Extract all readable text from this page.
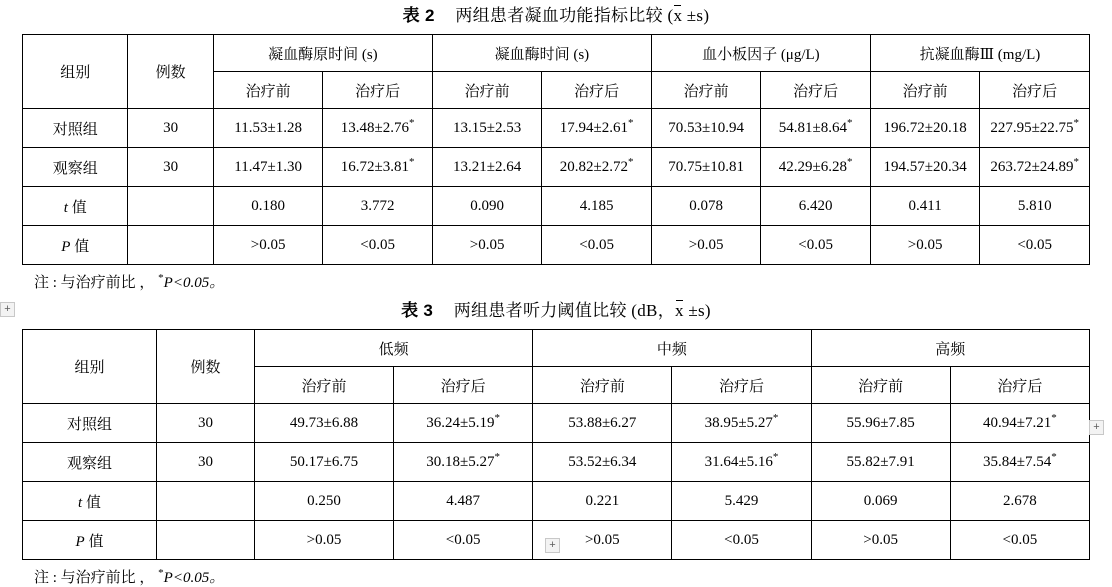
表 2 两组患者凝血功能指标比较 (x ±s)
组别	例数	凝血酶原时间 (s)		凝血酶时间 (s)		血小板因子 (μg/L)		抗凝血酶Ⅲ (mg/L)	
		治疗前	治疗后	治疗前	治疗后	治疗前	治疗后	治疗前	治疗后
对照组	30	11.53±1.28	13.48±2.76*	13.15±2.53	17.94±2.61*	70.53±10.94	54.81±8.64*	196.72±20.18	227.95±22.75*
观察组	30	11.47±1.30	16.72±3.81*	13.21±2.64	20.82±2.72*	70.75±10.81	42.29±6.28*	194.57±20.34	263.72±24.89*
t 值		0.180	3.772	0.090	4.185	0.078	6.420	0.411	5.810
P 值		>0.05	<0.05	>0.05	<0.05	>0.05	<0.05	>0.05	<0.05
注 : 与治疗前比 ， *P<0.05。
表 3 两组患者听力阈值比较 (dB，x ±s)
组别	例数	低频		中频		高频	
		治疗前	治疗后	治疗前	治疗后	治疗前	治疗后
对照组	30	49.73±6.88	36.24±5.19*	53.88±6.27	38.95±5.27*	55.96±7.85	40.94±7.21*
观察组	30	50.17±6.75	30.18±5.27*	53.52±6.34	31.64±5.16*	55.82±7.91	35.84±7.54*
t 值		0.250	4.487	0.221	5.429	0.069	2.678
P 值		>0.05	<0.05	>0.05	<0.05	>0.05	<0.05
注 : 与治疗前比 ， *P<0.05。
+
+
+
